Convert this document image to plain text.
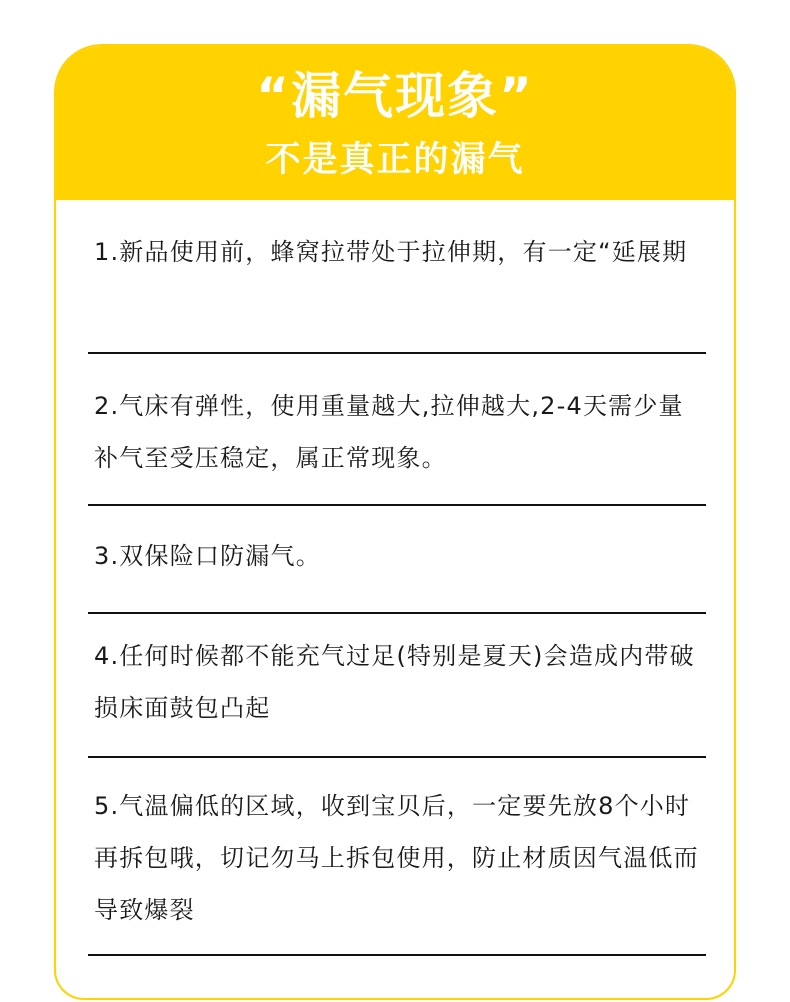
“漏气现象”
不是真正的漏气
1.新品使用前，蜂窝拉带处于拉伸期，有一定“延展期
2.气床有弹性，使用重量越大,拉伸越大,2-4天需少量补气至受压稳定，属正常现象。
3.双保险口防漏气。
4.任何时候都不能充气过足(特别是夏天)会造成内带破损床面鼓包凸起
5.气温偏低的区域，收到宝贝后，一定要先放8个小时再拆包哦，切记勿马上拆包使用，防止材质因气温低而导致爆裂
